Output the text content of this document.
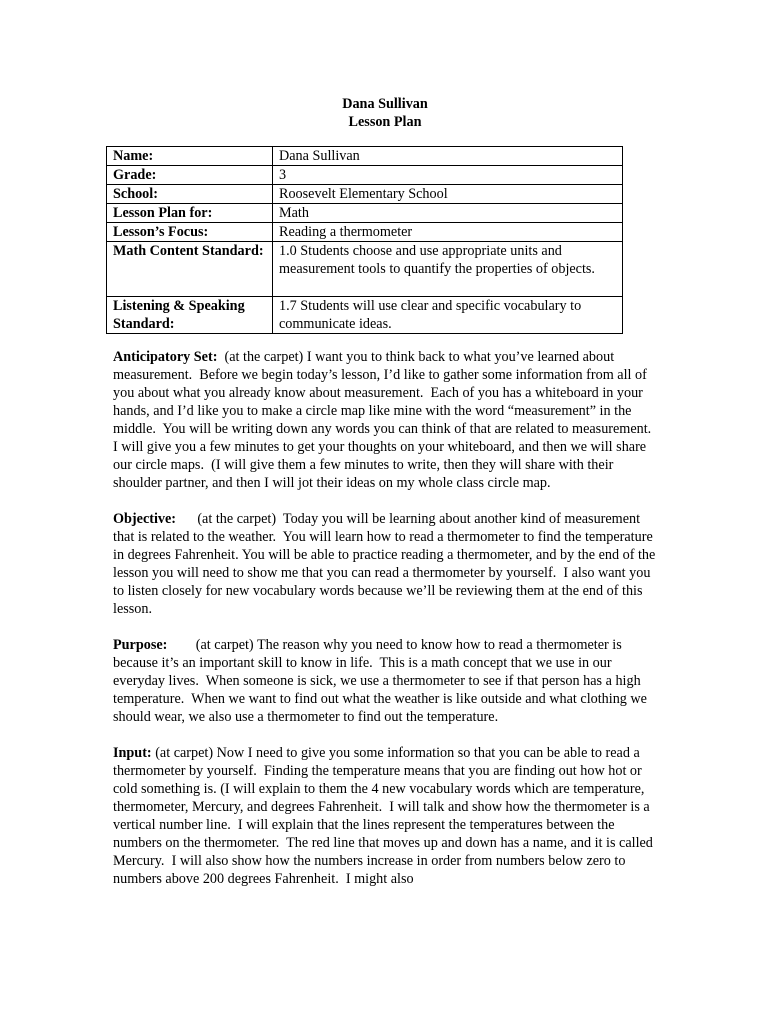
Dana Sullivan
Lesson Plan
Name:	Dana Sullivan
Grade:	3
School:	Roosevelt Elementary School
Lesson Plan for:	Math
Lesson’s Focus:	Reading a thermometer
Math Content Standard:	1.0 Students choose and use appropriate units and measurement tools to quantify the properties of objects.
Listening & Speaking Standard:	1.7 Students will use clear and specific vocabulary to communicate ideas.

Anticipatory Set:  (at the carpet) I want you to think back to what you’ve learned about measurement.  Before we begin today’s lesson, I’d like to gather some information from all of you about what you already know about measurement.  Each of you has a whiteboard in your hands, and I’d like you to make a circle map like mine with the word “measurement” in the middle.  You will be writing down any words you can think of that are related to measurement.  I will give you a few minutes to get your thoughts on your whiteboard, and then we will share our circle maps.  (I will give them a few minutes to write, then they will share with their shoulder partner, and then I will jot their ideas on my whole class circle map.

Objective:      (at the carpet)  Today you will be learning about another kind of measurement that is related to the weather.  You will learn how to read a thermometer to find the temperature in degrees Fahrenheit. You will be able to practice reading a thermometer, and by the end of the lesson you will need to show me that you can read a thermometer by yourself.  I also want you to listen closely for new vocabulary words because we’ll be reviewing them at the end of this lesson.

Purpose:        (at carpet) The reason why you need to know how to read a thermometer is because it’s an important skill to know in life.  This is a math concept that we use in our everyday lives.  When someone is sick, we use a thermometer to see if that person has a high temperature.  When we want to find out what the weather is like outside and what clothing we should wear, we also use a thermometer to find out the temperature.

Input: (at carpet) Now I need to give you some information so that you can be able to read a thermometer by yourself.  Finding the temperature means that you are finding out how hot or cold something is. (I will explain to them the 4 new vocabulary words which are temperature, thermometer, Mercury, and degrees Fahrenheit.  I will talk and show how the thermometer is a vertical number line.  I will explain that the lines represent the temperatures between the numbers on the thermometer.  The red line that moves up and down has a name, and it is called Mercury.  I will also show how the numbers increase in order from numbers below zero to numbers above 200 degrees Fahrenheit.  I might also
